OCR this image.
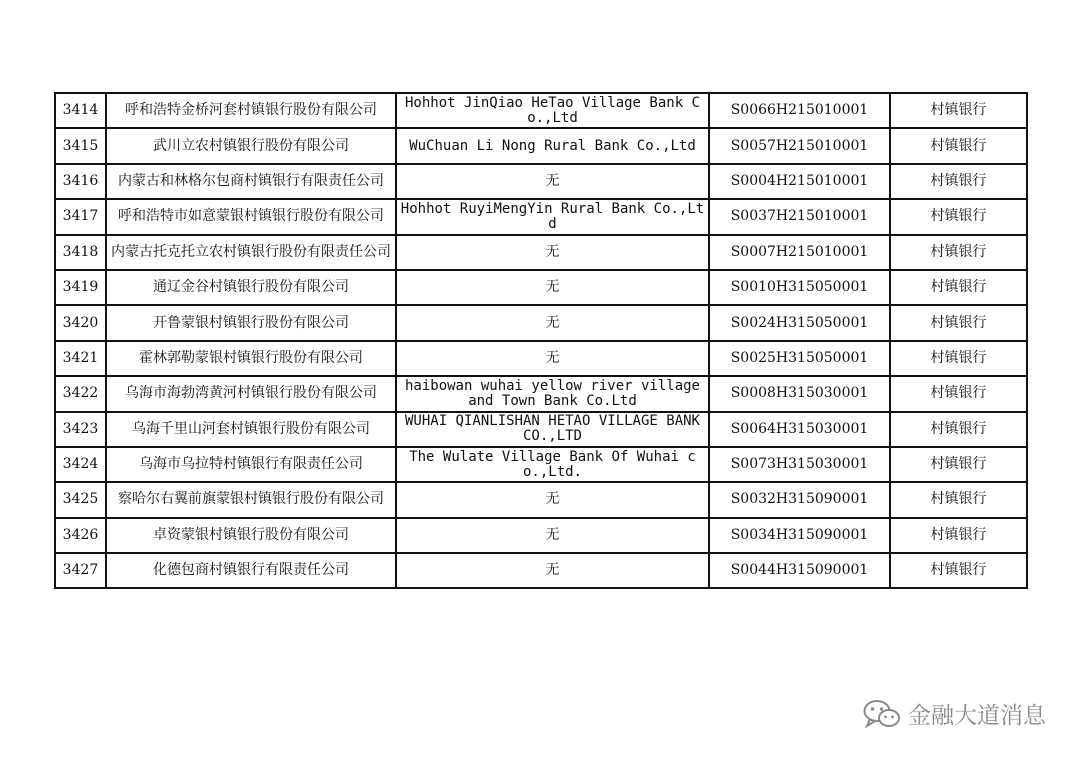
3414	呼和浩特金桥河套村镇银行股份有限公司	Hohhot JinQiao HeTao Village Bank Co.,Ltd	S0066H215010001	村镇银行
3415	武川立农村镇银行股份有限公司	WuChuan Li Nong Rural Bank Co.,Ltd	S0057H215010001	村镇银行
3416	内蒙古和林格尔包商村镇银行有限责任公司	无	S0004H215010001	村镇银行
3417	呼和浩特市如意蒙银村镇银行股份有限公司	Hohhot RuyiMengYin Rural Bank Co.,Ltd	S0037H215010001	村镇银行
3418	内蒙古托克托立农村镇银行股份有限责任公司	无	S0007H215010001	村镇银行
3419	通辽金谷村镇银行股份有限公司	无	S0010H315050001	村镇银行
3420	开鲁蒙银村镇银行股份有限公司	无	S0024H315050001	村镇银行
3421	霍林郭勒蒙银村镇银行股份有限公司	无	S0025H315050001	村镇银行
3422	乌海市海勃湾黄河村镇银行股份有限公司	haibowan wuhai yellow river village and Town Bank Co.Ltd	S0008H315030001	村镇银行
3423	乌海千里山河套村镇银行股份有限公司	WUHAI QIANLISHAN HETAO VILLAGE BANK CO.,LTD	S0064H315030001	村镇银行
3424	乌海市乌拉特村镇银行有限责任公司	The Wulate Village Bank Of Wuhai co.,Ltd.	S0073H315030001	村镇银行
3425	察哈尔右翼前旗蒙银村镇银行股份有限公司	无	S0032H315090001	村镇银行
3426	卓资蒙银村镇银行股份有限公司	无	S0034H315090001	村镇银行
3427	化德包商村镇银行有限责任公司	无	S0044H315090001	村镇银行
金融大道消息
